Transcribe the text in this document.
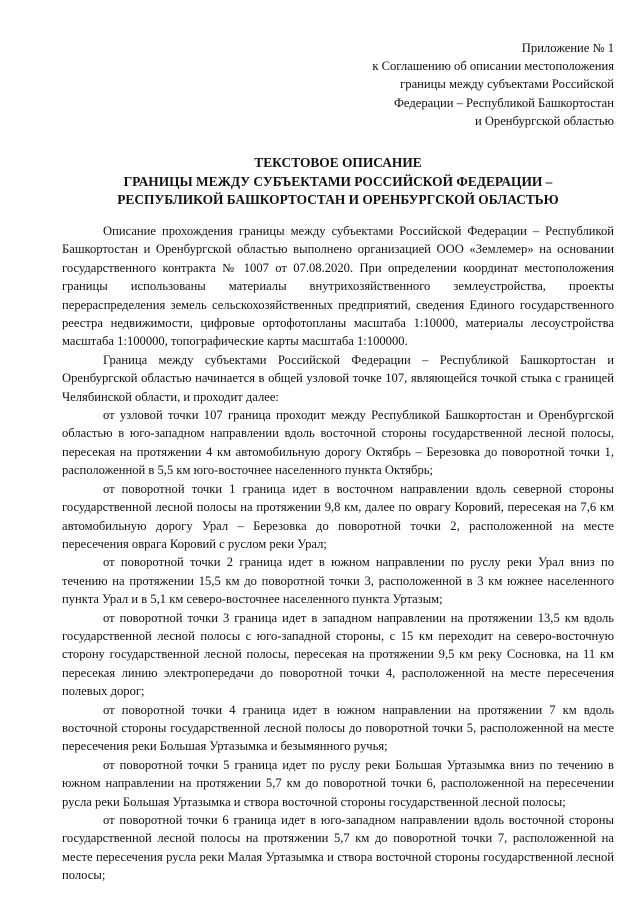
Приложение № 1
к Соглашению об описании местоположения
границы между субъектами Российской
Федерации – Республикой Башкортостан
и Оренбургской областью
ТЕКСТОВОЕ ОПИСАНИЕ
ГРАНИЦЫ МЕЖДУ СУБЪЕКТАМИ РОССИЙСКОЙ ФЕДЕРАЦИИ –
РЕСПУБЛИКОЙ БАШКОРТОСТАН И ОРЕНБУРГСКОЙ ОБЛАСТЬЮ

Описание прохождения границы между субъектами Российской Федерации – Республикой Башкортостан и Оренбургской областью выполнено организацией ООО «Землемер» на основании государственного контракта № 1007 от 07.08.2020. При определении координат местоположения границы использованы материалы внутрихозяйственного землеустройства, проекты перераспределения земель сельскохозяйственных предприятий, сведения Единого государственного реестра недвижимости, цифровые ортофотопланы масштаба 1:10000, материалы лесоустройства масштаба 1:100000, топографические карты масштаба 1:100000.

Граница между субъектами Российской Федерации – Республикой Башкортостан и Оренбургской областью начинается в общей узловой точке 107, являющейся точкой стыка с границей Челябинской области, и проходит далее:

от узловой точки 107 граница проходит между Республикой Башкортостан и Оренбургской областью в юго-западном направлении вдоль восточной стороны государственной лесной полосы, пересекая на протяжении 4 км автомобильную дорогу Октябрь – Березовка до поворотной точки 1, расположенной в 5,5 км юго-восточнее населенного пункта Октябрь;

от поворотной точки 1 граница идет в восточном направлении вдоль северной стороны государственной лесной полосы на протяжении 9,8 км, далее по оврагу Коровий, пересекая на 7,6 км автомобильную дорогу Урал – Березовка до поворотной точки 2, расположенной на месте пересечения оврага Коровий с руслом реки Урал;

от поворотной точки 2 граница идет в южном направлении по руслу реки Урал вниз по течению на протяжении 15,5 км до поворотной точки 3, расположенной в 3 км южнее населенного пункта Урал и в 5,1 км северо-восточнее населенного пункта Уртазым;

от поворотной точки 3 граница идет в западном направлении на протяжении 13,5 км вдоль государственной лесной полосы с юго-западной стороны, с 15 км переходит на северо-восточную сторону государственной лесной полосы, пересекая на протяжении 9,5 км реку Сосновка, на 11 км пересекая линию электропередачи до поворотной точки 4, расположенной на месте пересечения полевых дорог;

от поворотной точки 4 граница идет в южном направлении на протяжении 7 км вдоль восточной стороны государственной лесной полосы до поворотной точки 5, расположенной на месте пересечения реки Большая Уртазымка и безымянного ручья;

от поворотной точки 5 граница идет по руслу реки Большая Уртазымка вниз по течению в южном направлении на протяжении 5,7 км до поворотной точки 6, расположенной на пересечении русла реки Большая Уртазымка и створа восточной стороны государственной лесной полосы;

от поворотной точки 6 граница идет в юго-западном направлении вдоль восточной стороны государственной лесной полосы на протяжении 5,7 км до поворотной точки 7, расположенной на месте пересечения русла реки Малая Уртазымка и створа восточной стороны государственной лесной полосы;
